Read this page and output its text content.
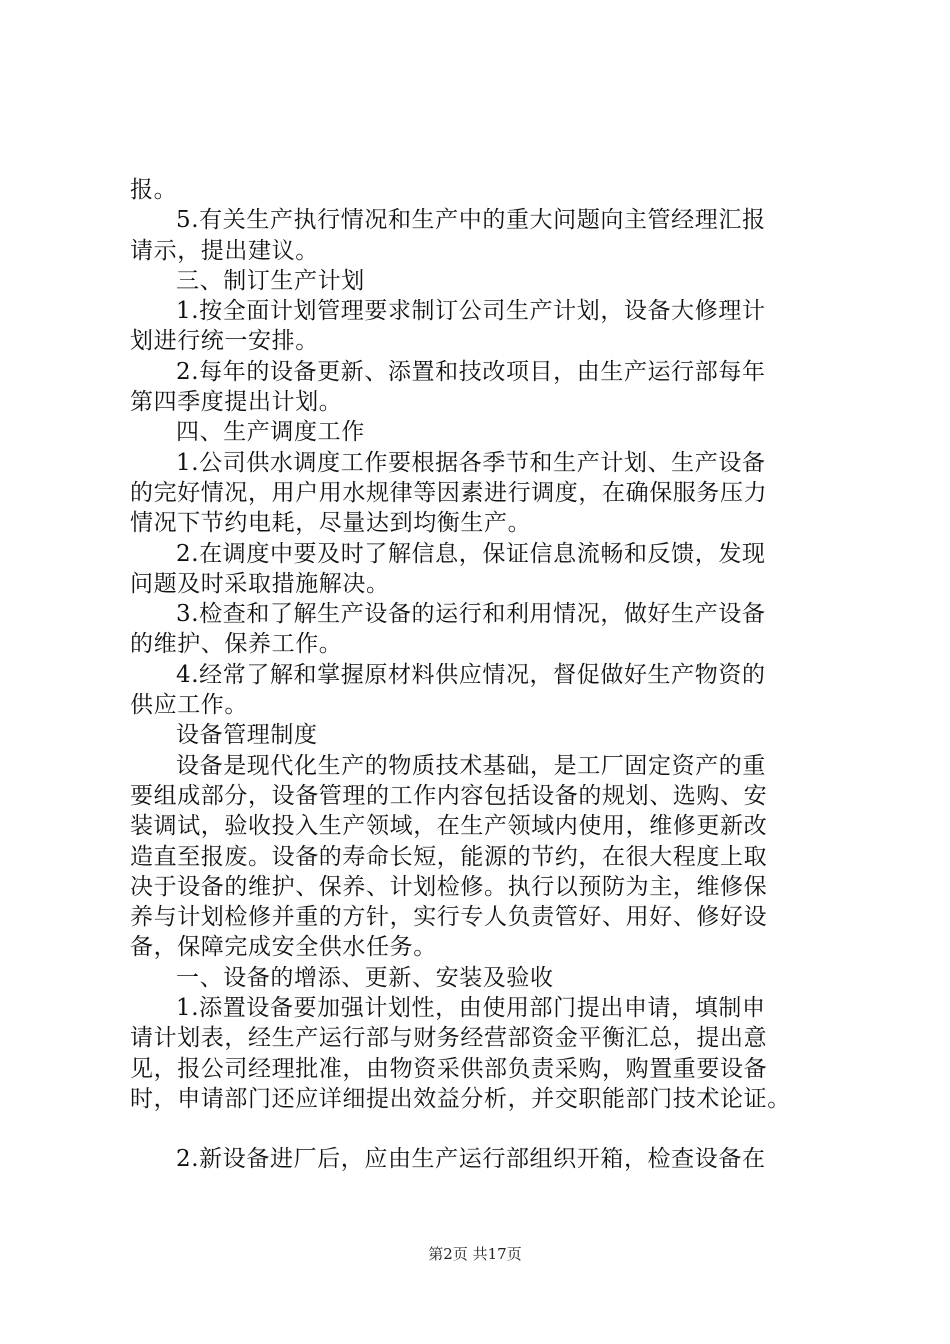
报。
5.有关生产执行情况和生产中的重大问题向主管经理汇报
请示，提出建议。
三、制订生产计划
1.按全面计划管理要求制订公司生产计划，设备大修理计
划进行统一安排。
2.每年的设备更新、添置和技改项目，由生产运行部每年
第四季度提出计划。
四、生产调度工作
1.公司供水调度工作要根据各季节和生产计划、生产设备
的完好情况，用户用水规律等因素进行调度，在确保服务压力
情况下节约电耗，尽量达到均衡生产。
2.在调度中要及时了解信息，保证信息流畅和反馈，发现
问题及时采取措施解决。
3.检查和了解生产设备的运行和利用情况，做好生产设备
的维护、保养工作。
4.经常了解和掌握原材料供应情况，督促做好生产物资的
供应工作。
设备管理制度
设备是现代化生产的物质技术基础，是工厂固定资产的重
要组成部分，设备管理的工作内容包括设备的规划、选购、安
装调试，验收投入生产领域，在生产领域内使用，维修更新改
造直至报废。设备的寿命长短，能源的节约，在很大程度上取
决于设备的维护、保养、计划检修。执行以预防为主，维修保
养与计划检修并重的方针，实行专人负责管好、用好、修好设
备，保障完成安全供水任务。
一、设备的增添、更新、安装及验收
1.添置设备要加强计划性，由使用部门提出申请，填制申
请计划表，经生产运行部与财务经营部资金平衡汇总，提出意
见，报公司经理批准，由物资采供部负责采购，购置重要设备
时，申请部门还应详细提出效益分析，并交职能部门技术论证。
2.新设备进厂后，应由生产运行部组织开箱，检查设备在
第2页 共17页
